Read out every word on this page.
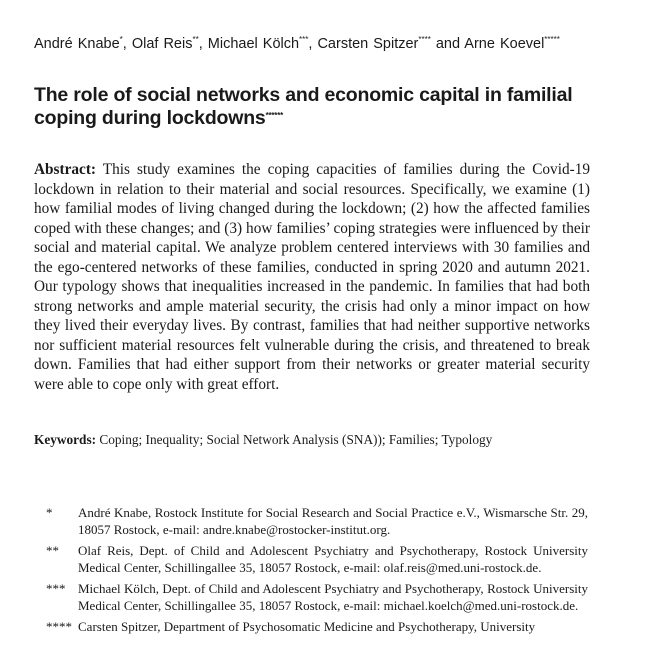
André Knabe*, Olaf Reis**, Michael Kölch***, Carsten Spitzer**** and Arne Koevel*****
The role of social networks and economic capital in familial coping during lockdowns******
Abstract: This study examines the coping capacities of families during the Covid-19 lockdown in relation to their material and social resources. Specifically, we examine (1) how familial modes of living changed during the lockdown; (2) how the affected families coped with these changes; and (3) how families’ coping strategies were influenced by their social and material capital. We analyze problem centered interviews with 30 families and the ego-centered networks of these families, conducted in spring 2020 and autumn 2021. Our typology shows that inequalities increased in the pandemic. In families that had both strong networks and ample material security, the crisis had only a minor impact on how they lived their everyday lives. By contrast, families that had neither supportive networks nor sufficient material resources felt vulnerable during the crisis, and threatened to break down. Families that had either support from their networks or greater material security were able to cope only with great effort.
Keywords: Coping; Inequality; Social Network Analysis (SNA)); Families; Typology
*	André Knabe, Rostock Institute for Social Research and Social Practice e.V., Wismarsche Str. 29, 18057 Rostock, e-mail: andre.knabe@rostocker-institut.org.
**	Olaf Reis, Dept. of Child and Adolescent Psychiatry and Psychotherapy, Rostock University Medical Center, Schillingallee 35, 18057 Rostock, e-mail: olaf.reis@med.uni-rostock.de.
*** Michael Kölch, Dept. of Child and Adolescent Psychiatry and Psychotherapy, Rostock University Medical Center, Schillingallee 35, 18057 Rostock, e-mail: michael.koelch@med.uni-rostock.de.
**** Carsten Spitzer, Department of Psychosomatic Medicine and Psychotherapy, University
